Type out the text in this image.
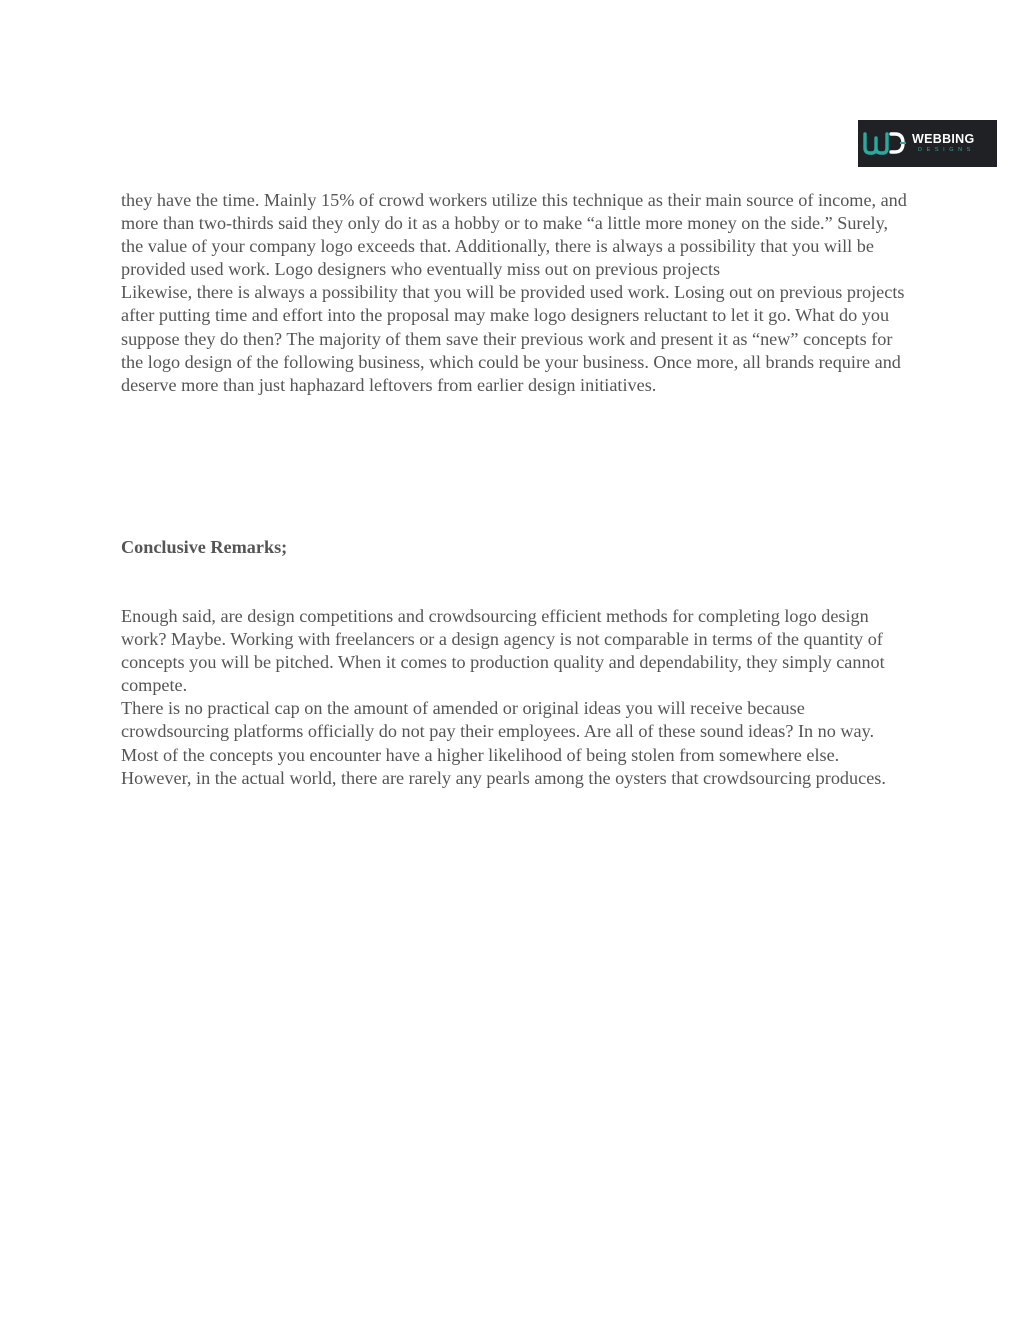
WEBBING
DESIGNS

they have the time. Mainly 15% of crowd workers utilize this technique as their main source of income, and more than two-thirds said they only do it as a hobby or to make “a little more money on the side.” Surely, the value of your company logo exceeds that. Additionally, there is always a possibility that you will be provided used work. Logo designers who eventually miss out on previous projects

Likewise, there is always a possibility that you will be provided used work. Losing out on previous projects after putting time and effort into the proposal may make logo designers reluctant to let it go. What do you suppose they do then? The majority of them save their previous work and present it as “new” concepts for the logo design of the following business, which could be your business. Once more, all brands require and deserve more than just haphazard leftovers from earlier design initiatives.

Conclusive Remarks;

Enough said, are design competitions and crowdsourcing efficient methods for completing logo design work? Maybe. Working with freelancers or a design agency is not comparable in terms of the quantity of concepts you will be pitched. When it comes to production quality and dependability, they simply cannot compete.

There is no practical cap on the amount of amended or original ideas you will receive because crowdsourcing platforms officially do not pay their employees. Are all of these sound ideas? In no way. Most of the concepts you encounter have a higher likelihood of being stolen from somewhere else. However, in the actual world, there are rarely any pearls among the oysters that crowdsourcing produces.
